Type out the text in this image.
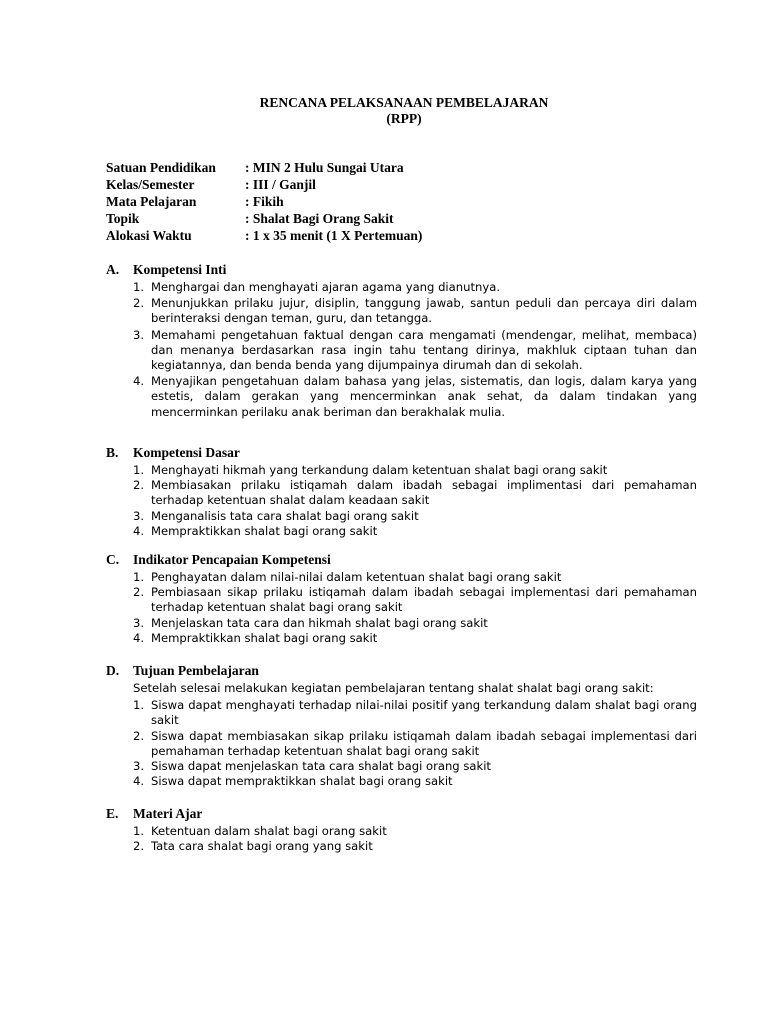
RENCANA PELAKSANAAN PEMBELAJARAN
(RPP)
Satuan Pendidikan : MIN 2 Hulu Sungai Utara
Kelas/Semester	: III / Ganjil
Mata Pelajaran	: Fikih
Topik	: Shalat Bagi Orang Sakit
Alokasi Waktu	: 1 x 35 menit (1 X Pertemuan)
A. Kompetensi Inti
1. Menghargai dan menghayati ajaran agama yang dianutnya.
2. Menunjukkan prilaku jujur, disiplin, tanggung jawab, santun peduli dan percaya diri dalam berinteraksi dengan teman, guru, dan tetangga.
3. Memahami pengetahuan faktual dengan cara mengamati (mendengar, melihat, membaca) dan menanya berdasarkan rasa ingin tahu tentang dirinya, makhluk ciptaan tuhan dan kegiatannya, dan benda benda yang dijumpainya dirumah dan di sekolah.
4. Menyajikan pengetahuan dalam bahasa yang jelas, sistematis, dan logis, dalam karya yang estetis, dalam gerakan yang mencerminkan anak sehat, da dalam tindakan yang mencerminkan perilaku anak beriman dan berakhalak mulia.
B. Kompetensi Dasar
1. Menghayati hikmah yang terkandung dalam ketentuan shalat bagi orang sakit
2. Membiasakan prilaku istiqamah dalam ibadah sebagai implimentasi dari pemahaman terhadap ketentuan shalat dalam keadaan sakit
3. Menganalisis tata cara shalat bagi orang sakit
4. Mempraktikkan shalat bagi orang sakit
C. Indikator Pencapaian Kompetensi
1. Penghayatan dalam nilai-nilai dalam ketentuan shalat bagi orang sakit
2. Pembiasaan sikap prilaku istiqamah dalam ibadah sebagai implementasi dari pemahaman terhadap ketentuan shalat bagi orang sakit
3. Menjelaskan tata cara dan hikmah shalat bagi orang sakit
4. Mempraktikkan shalat bagi orang sakit
D. Tujuan Pembelajaran
Setelah selesai melakukan kegiatan pembelajaran tentang shalat shalat bagi orang sakit:
1. Siswa dapat menghayati terhadap nilai-nilai positif yang terkandung dalam shalat bagi orang sakit
2. Siswa dapat membiasakan sikap prilaku istiqamah dalam ibadah sebagai implementasi dari pemahaman terhadap ketentuan shalat bagi orang sakit
3. Siswa dapat menjelaskan tata cara shalat bagi orang sakit
4. Siswa dapat mempraktikkan shalat bagi orang sakit
E. Materi Ajar
1. Ketentuan dalam shalat bagi orang sakit
2. Tata cara shalat bagi orang yang sakit
